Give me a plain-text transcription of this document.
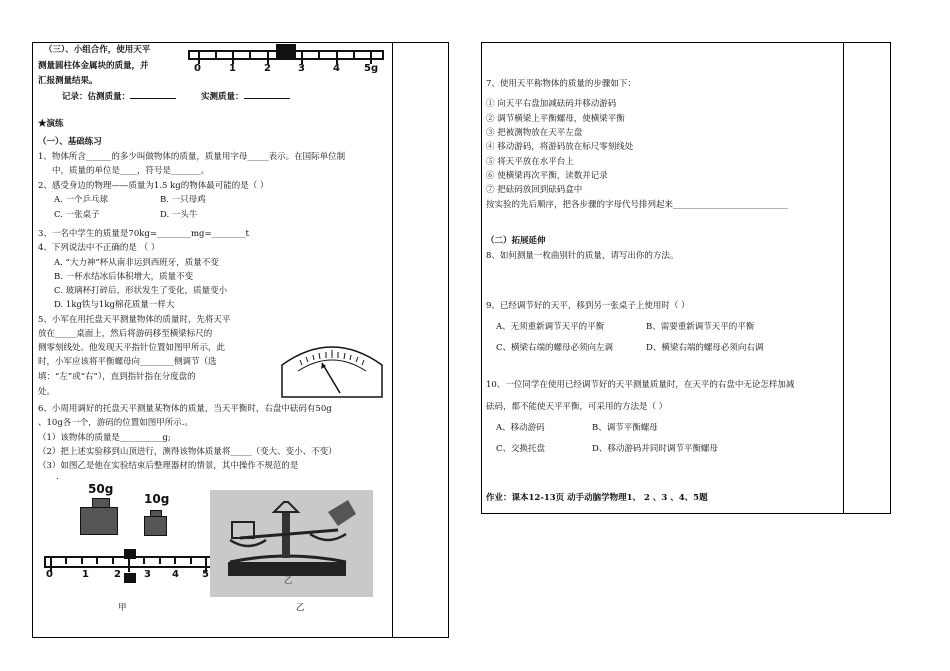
（三）、小组合作，使用天平
测量圆柱体金属块的质量，并
汇报测量结果。
0	1	2	3	4 5g
记录：估测质量：	实测质量：
★演练
（一）、基础练习
1、物体所含______的多少叫做物体的质量，质量用字母_____表示。在国际单位制
中，质量的单位是____，符号是_______。
2、感受身边的物理——质量为1.5 kg的物体最可能的是（ ）
A. 一个乒乓球	B. 一只母鸡
C. 一张桌子	D. 一头牛
3、一名中学生的质量是70kg=________mg=________t
4、下列说法中不正确的是 （ ）
A. “大力神”杯从南非运到西班牙，质量不变
B. 一杯水结冰后体积增大，质量不变
C. 玻璃杯打碎后，形状发生了变化，质量变小
D. 1kg铁与1kg棉花质量一样大
5、小军在用托盘天平测量物体的质量时，先将天平
放在_____桌面上，然后将游码移至横梁标尺的
侧零刻线处。他发现天平指针位置如图甲所示，此
时，小军应该将平衡螺母向________侧调节（选
填：“左”或“右”），直到指针指在分度盘的
处。
6、小周用调好的托盘天平测量某物体的质量，当天平衡时，右盘中砝码有50g
、10g各一个，游码的位置如图甲所示.。
（1）该物体的质量是__________g;
（2）把上述实验移到山顶进行，测得该物体质量将_____（变大、变小、不变）
（3）如图乙是他在实验结束后整理器材的情景，其中操作不规范的是
.
50g
10g
0	1	2 3 4 5
乙
甲	乙
7、使用天平称物体的质量的步骤如下：
① 向天平右盘加减砝码并移动游码
② 调节横梁上平衡螺母，使横梁平衡
③ 把被测物放在天平左盘
④ 移动游码，将游码放在标尺零刻线处
⑤ 将天平放在水平台上
⑥ 使横梁再次平衡，读数并记录
⑦ 把砝码放回到砝码盒中
按实验的先后顺序，把各步骤的字母代号排列起来___________________________
（二）拓展延伸
8、如何测量一枚曲别针的质量，请写出你的方法。
9、已经调节好的天平，移到另一张桌子上使用时（ ）
A、无须重新调节天平的平衡	B、需要重新调节天平的平衡
C、横梁右端的螺母必须向左调	D、横梁右端的螺母必须向右调
10、一位同学在使用已经调节好的天平测量质量时，在天平的右盘中无论怎样加减
砝码，都不能使天平平衡，可采用的方法是（ ）
A、移动游码	B、调节平衡螺母
C、交换托盘	D、移动游码并同时调节平衡螺母
作业：课本12-13页 动手动脑学物理1、 2 、3 、4、5题
